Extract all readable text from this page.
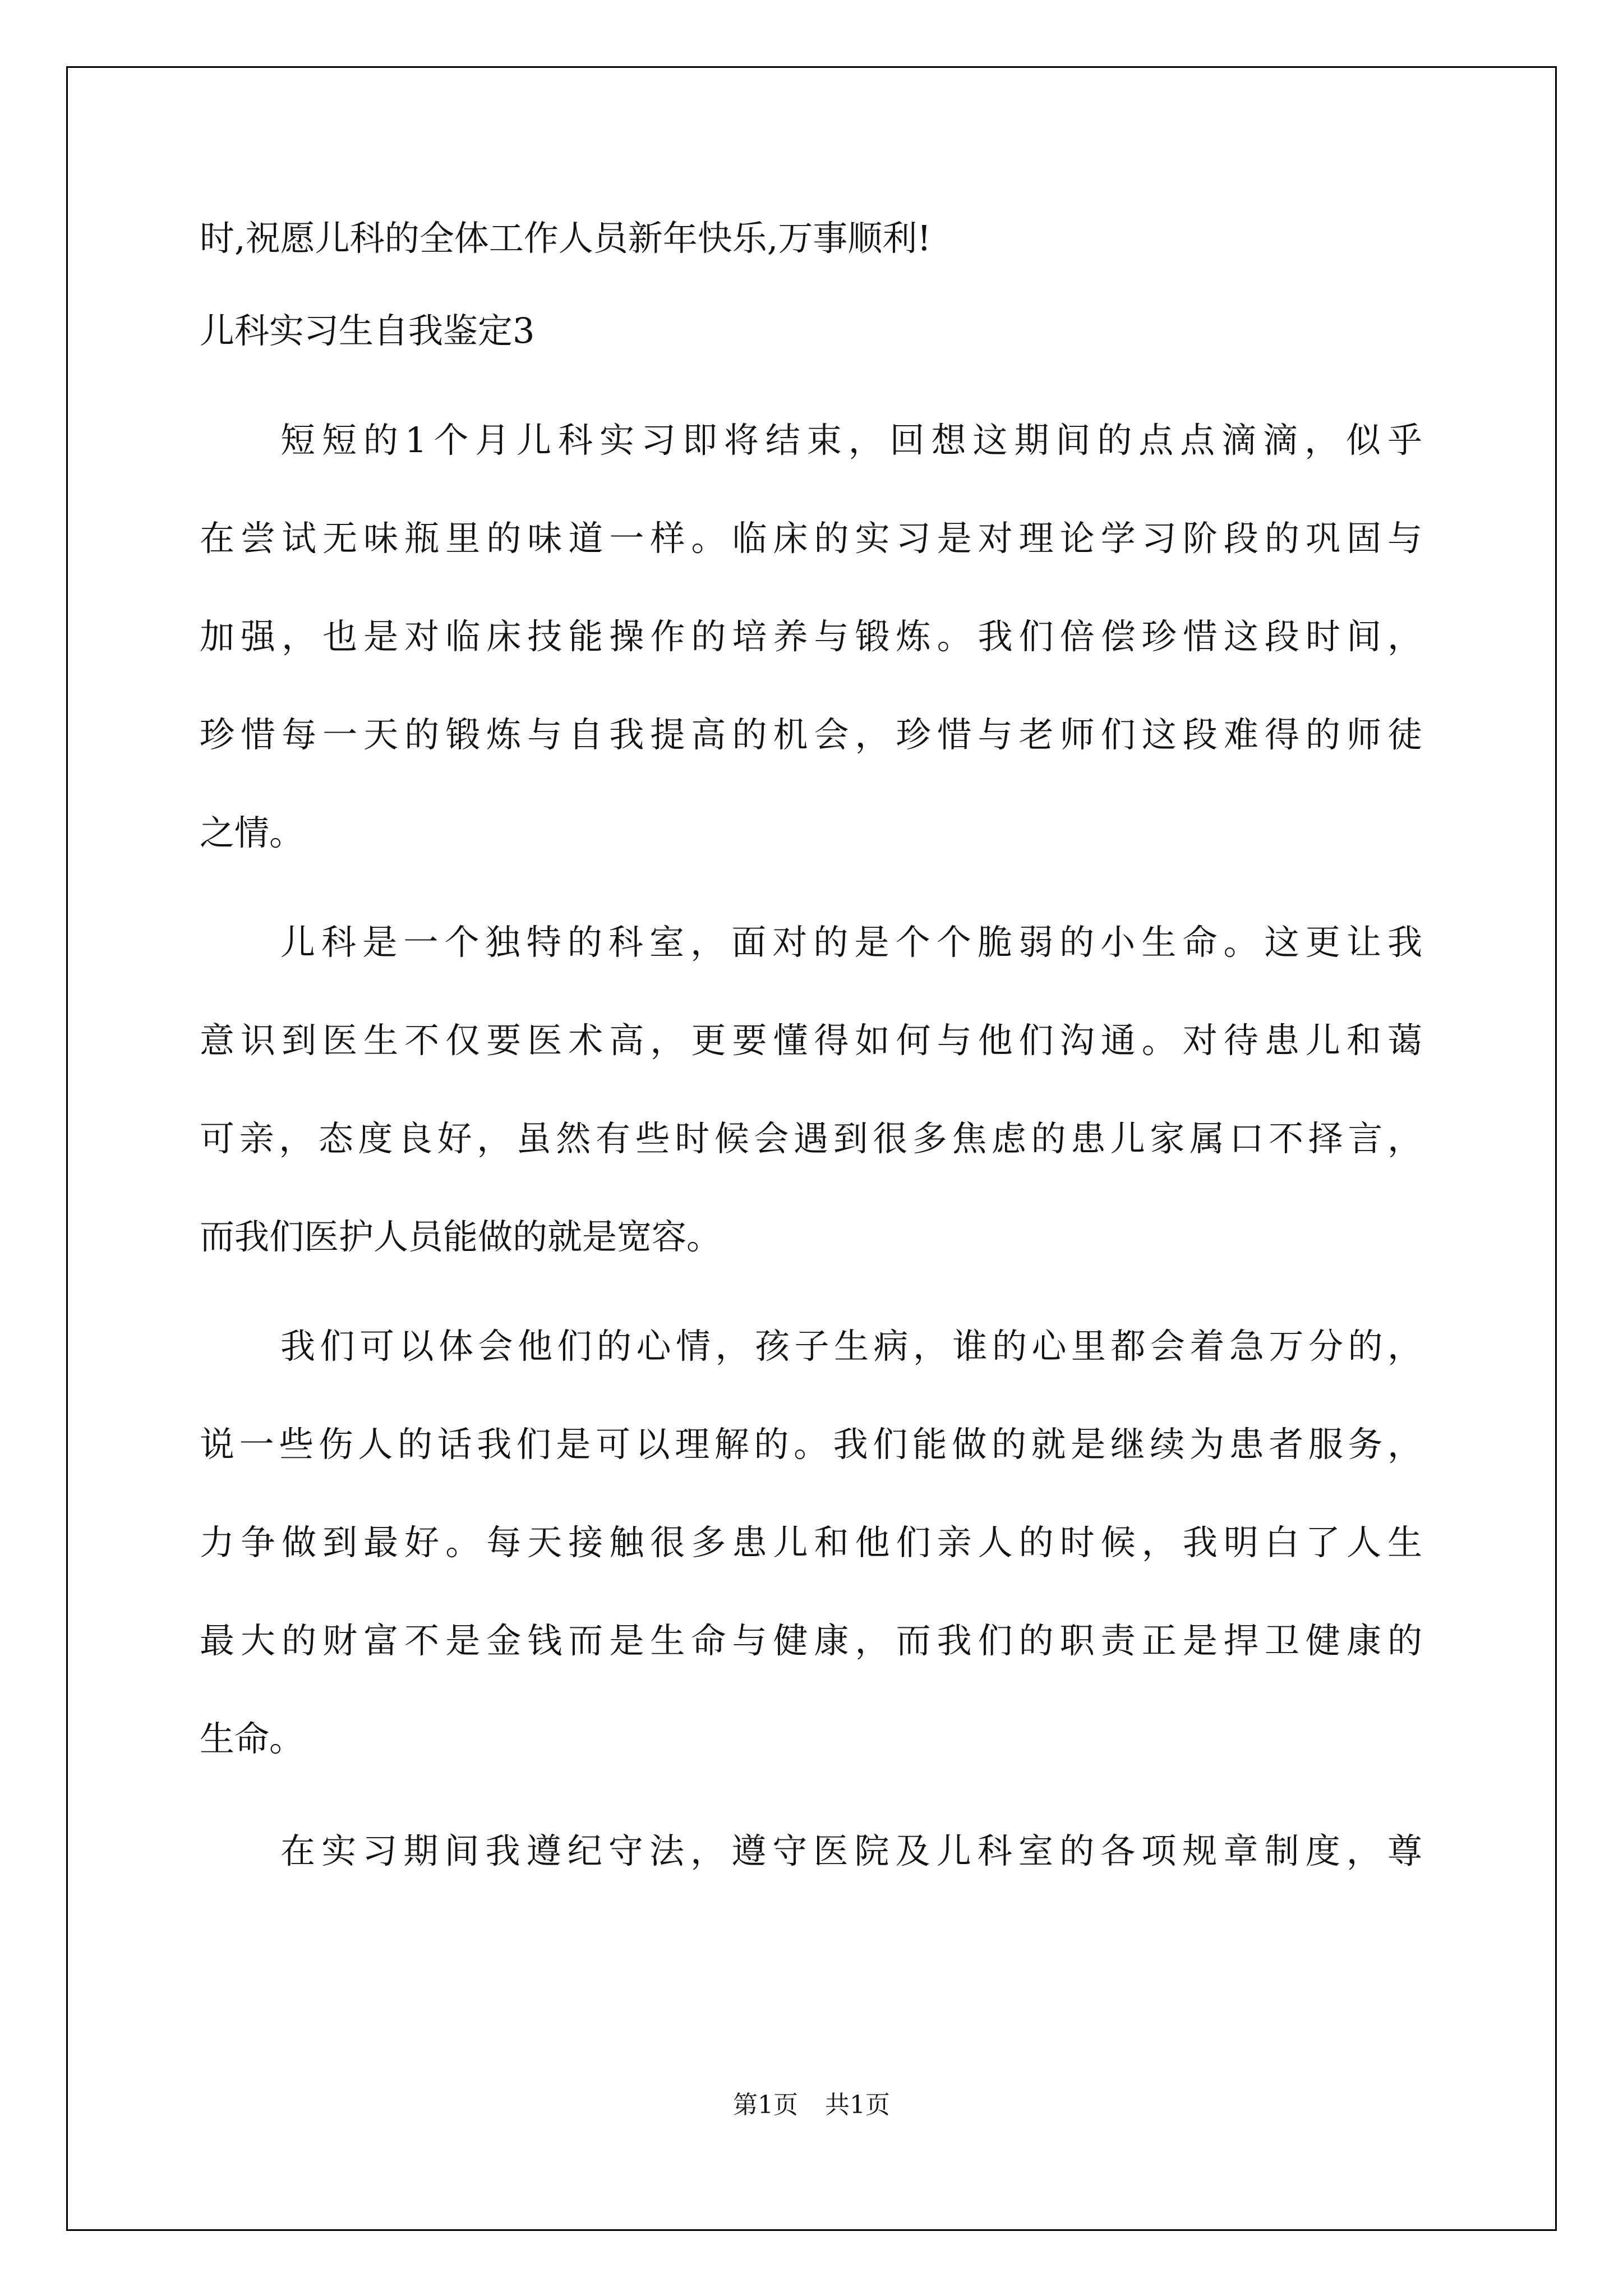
时,祝愿儿科的全体工作人员新年快乐,万事顺利!

儿科实习生自我鉴定3

短短的1个月儿科实习即将结束，回想这期间的点点滴滴，似乎

在尝试无味瓶里的味道一样。临床的实习是对理论学习阶段的巩固与

加强，也是对临床技能操作的培养与锻炼。我们倍偿珍惜这段时间，

珍惜每一天的锻炼与自我提高的机会，珍惜与老师们这段难得的师徒

之情。

儿科是一个独特的科室，面对的是个个脆弱的小生命。这更让我

意识到医生不仅要医术高，更要懂得如何与他们沟通。对待患儿和蔼

可亲，态度良好，虽然有些时候会遇到很多焦虑的患儿家属口不择言，

而我们医护人员能做的就是宽容。

我们可以体会他们的心情，孩子生病，谁的心里都会着急万分的，

说一些伤人的话我们是可以理解的。我们能做的就是继续为患者服务，

力争做到最好。每天接触很多患儿和他们亲人的时候，我明白了人生

最大的财富不是金钱而是生命与健康，而我们的职责正是捍卫健康的

生命。

在实习期间我遵纪守法，遵守医院及儿科室的各项规章制度，尊

第1页 共1页
